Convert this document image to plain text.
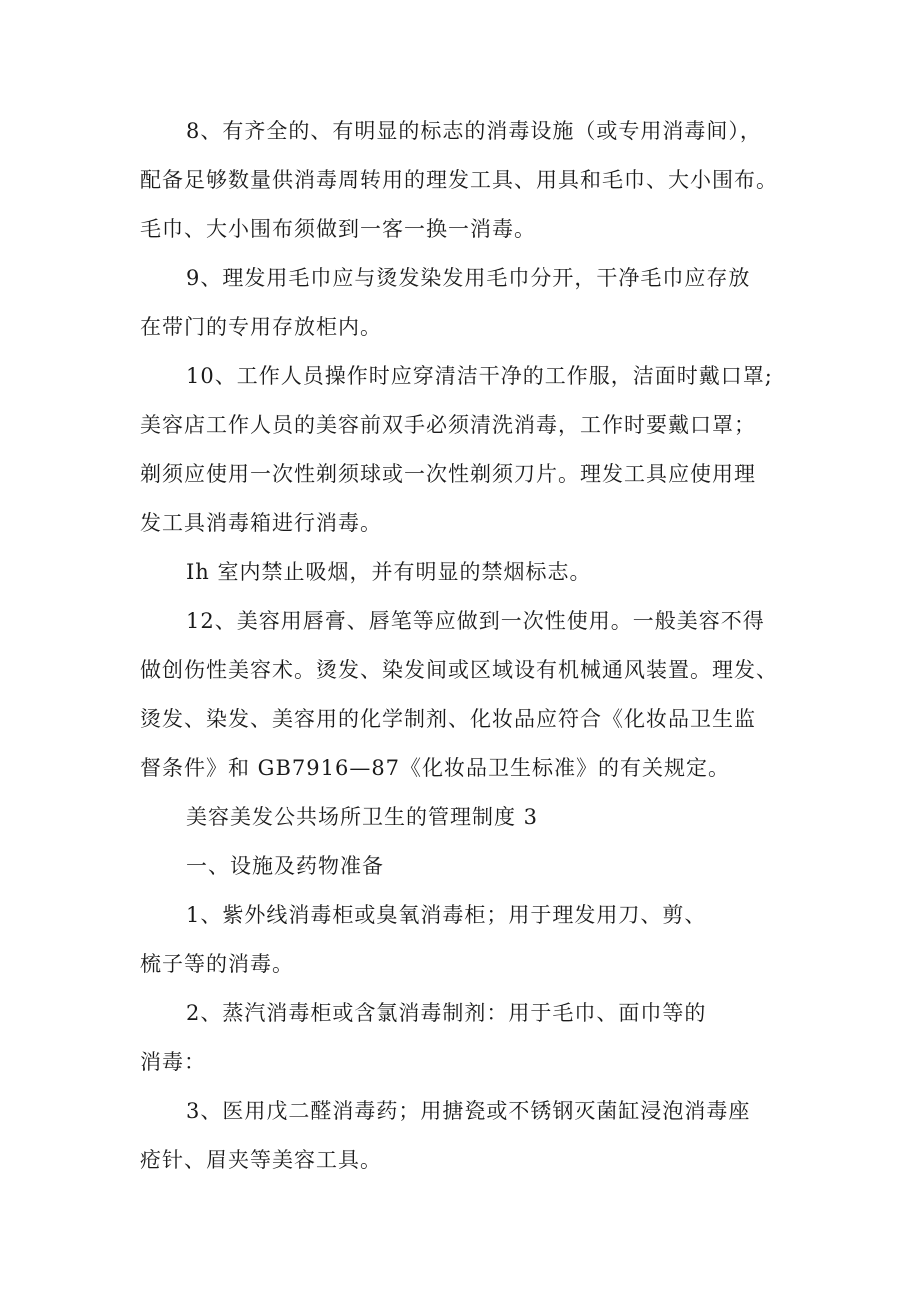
8、有齐全的、有明显的标志的消毒设施（或专用消毒间），
配备足够数量供消毒周转用的理发工具、用具和毛巾、大小围布。
毛巾、大小围布须做到一客一换一消毒。
9、理发用毛巾应与烫发染发用毛巾分开，干净毛巾应存放
在带门的专用存放柜内。
10、工作人员操作时应穿清洁干净的工作服，洁面时戴口罩;
美容店工作人员的美容前双手必须清洗消毒，工作时要戴口罩；
剃须应使用一次性剃须球或一次性剃须刀片。理发工具应使用理
发工具消毒箱进行消毒。
Ih 室内禁止吸烟，并有明显的禁烟标志。
12、美容用唇膏、唇笔等应做到一次性使用。一般美容不得
做创伤性美容术。烫发、染发间或区域设有机械通风装置。理发、
烫发、染发、美容用的化学制剂、化妆品应符合《化妆品卫生监
督条件》和 GB7916—87《化妆品卫生标准》的有关规定。
美容美发公共场所卫生的管理制度 3
一、设施及药物准备
1、紫外线消毒柜或臭氧消毒柜；用于理发用刀、剪、
梳子等的消毒。
2、蒸汽消毒柜或含氯消毒制剂：用于毛巾、面巾等的
消毒：
3、医用戊二醛消毒药；用搪瓷或不锈钢灭菌缸浸泡消毒座
疮针、眉夹等美容工具。
